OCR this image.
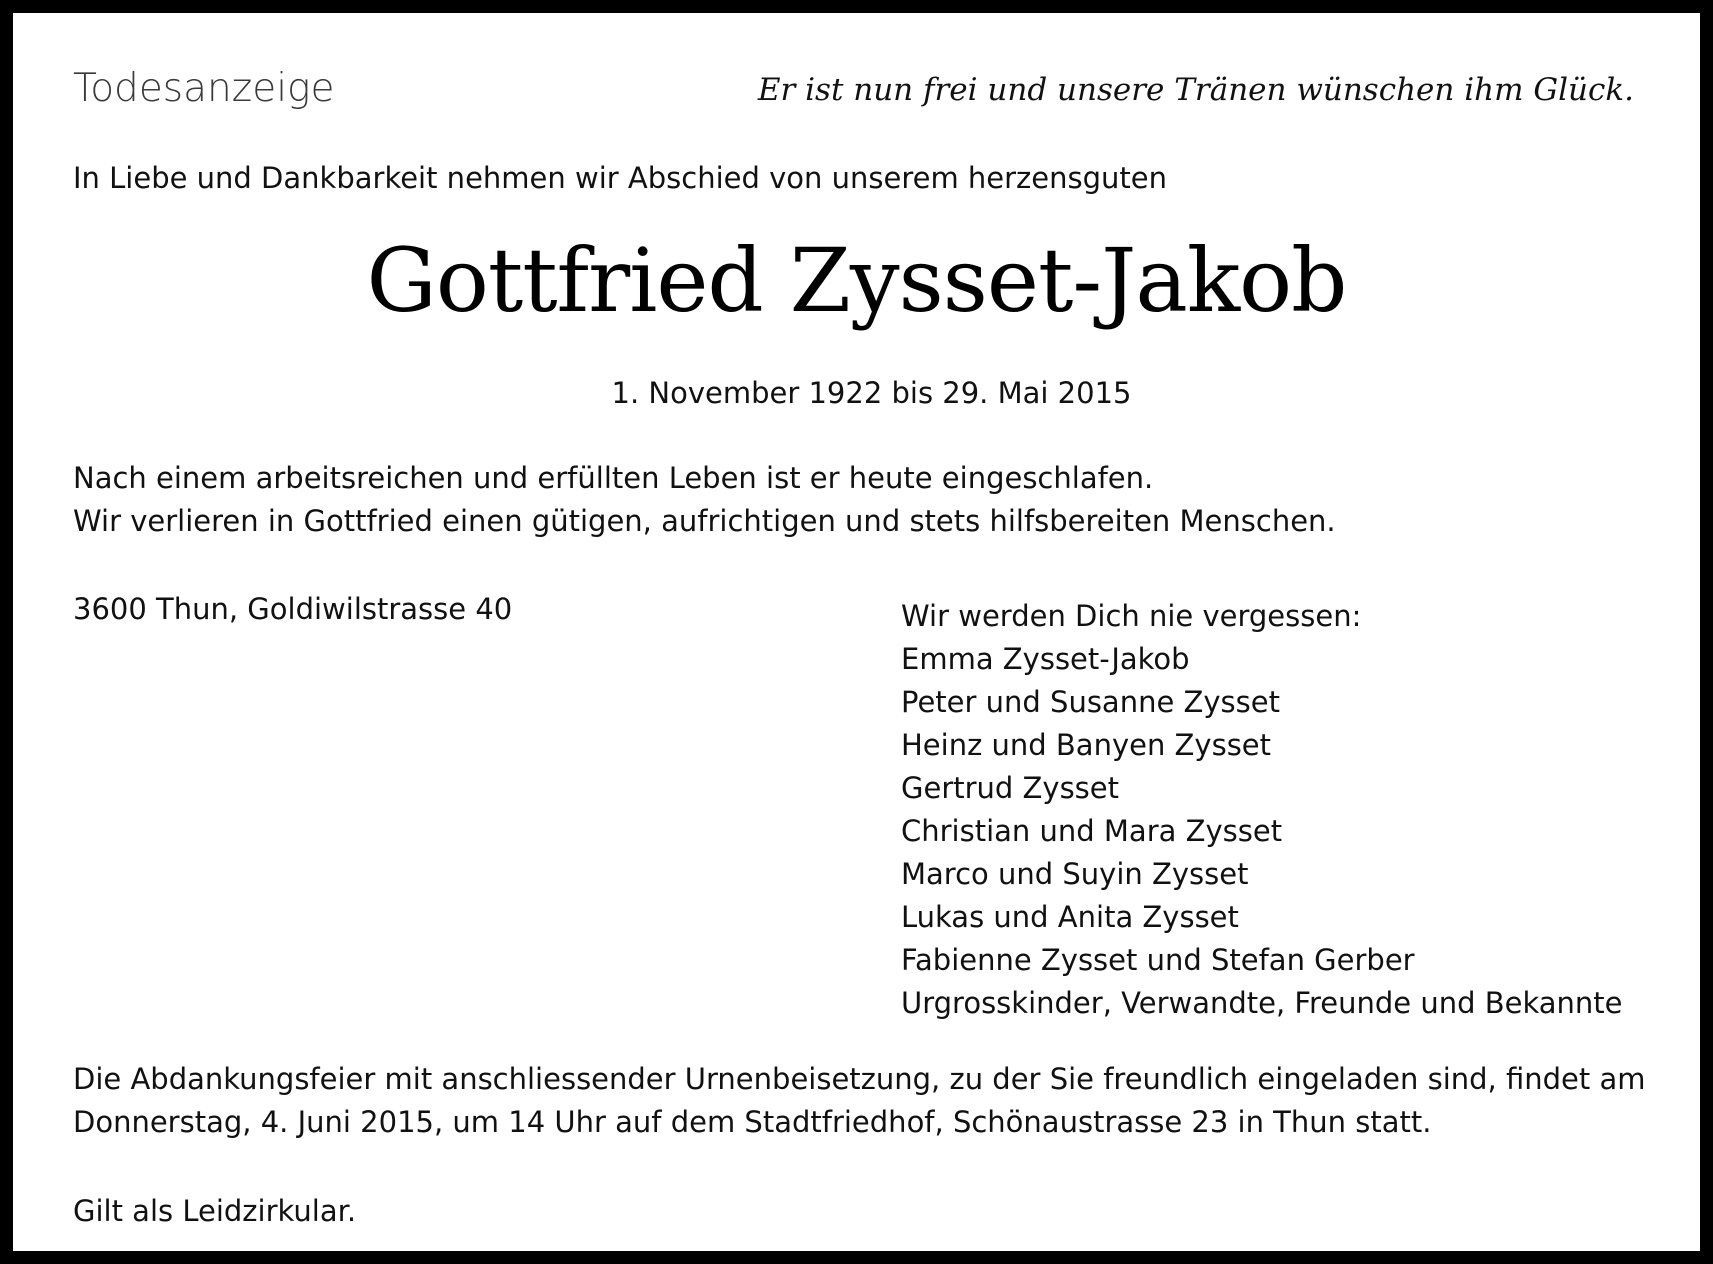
Todesanzeige	Er ist nun frei und unsere Tränen wünschen ihm Glück.
In Liebe und Dankbarkeit nehmen wir Abschied von unserem herzensguten
Gottfried Zysset-Jakob
1. November 1922 bis 29. Mai 2015
Nach einem arbeitsreichen und erfüllten Leben ist er heute eingeschlafen.
Wir verlieren in Gottfried einen gütigen, aufrichtigen und stets hilfsbereiten Menschen.
3600 Thun, Goldiwilstrasse 40	Wir werden Dich nie vergessen:
Emma Zysset-Jakob
Peter und Susanne Zysset
Heinz und Banyen Zysset
Gertrud Zysset
Christian und Mara Zysset
Marco und Suyin Zysset
Lukas und Anita Zysset
Fabienne Zysset und Stefan Gerber
Urgrosskinder, Verwandte, Freunde und Bekannte
Die Abdankungsfeier mit anschliessender Urnenbeisetzung, zu der Sie freundlich eingeladen sind, findet am
Donnerstag, 4. Juni 2015, um 14 Uhr auf dem Stadtfriedhof, Schönaustrasse 23 in Thun statt.
Gilt als Leidzirkular.
